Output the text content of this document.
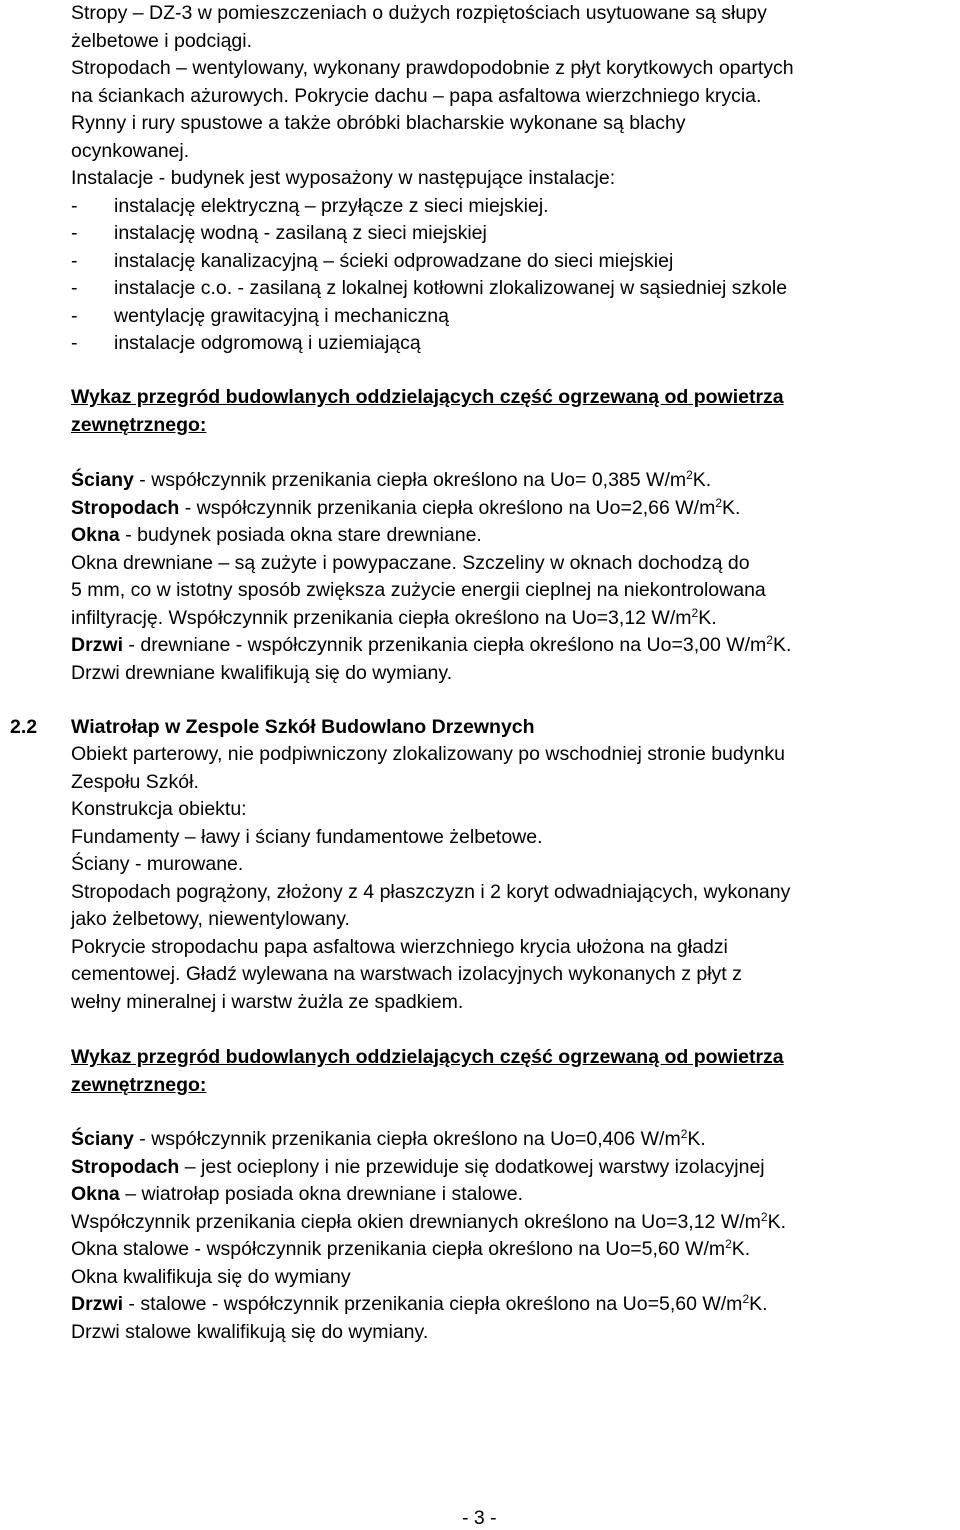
Stropy – DZ-3 w pomieszczeniach o dużych rozpiętościach usytuowane są słupy
żelbetowe i podciągi.
Stropodach – wentylowany, wykonany prawdopodobnie z płyt korytkowych opartych
na ściankach ażurowych. Pokrycie dachu – papa asfaltowa wierzchniego krycia.
Rynny i rury spustowe a także obróbki blacharskie wykonane są blachy
ocynkowanej.
Instalacje - budynek jest wyposażony w następujące instalacje:
- instalację elektryczną – przyłącze z sieci miejskiej.
- instalację wodną - zasilaną z sieci miejskiej
- instalację kanalizacyjną – ścieki odprowadzane do sieci miejskiej
- instalacje c.o. - zasilaną z lokalnej kotłowni zlokalizowanej w sąsiedniej szkole
- wentylację grawitacyjną i mechaniczną
- instalacje odgromową i uziemiającą
Wykaz przegród budowlanych oddzielających część ogrzewaną od powietrza
zewnętrznego:
Ściany - współczynnik przenikania ciepła określono na Uo= 0,385 $W/m^2K$.
Stropodach - współczynnik przenikania ciepła określono na Uo=2,66 $W/m^2K$.
Okna - budynek posiada okna stare drewniane.
Okna drewniane – są zużyte i powypaczane. Szczeliny w oknach dochodzą do
5 mm, co w istotny sposób zwiększa zużycie energii cieplnej na niekontrolowana
infiltyrację. Współczynnik przenikania ciepła określono na Uo=3,12 $W/m^2K$.
Drzwi - drewniane - współczynnik przenikania ciepła określono na Uo=3,00 $W/m^2K$.
Drzwi drewniane kwalifikują się do wymiany.
2.2 Wiatrołap w Zespole Szkół Budowlano Drzewnych
Obiekt parterowy, nie podpiwniczony zlokalizowany po wschodniej stronie budynku
Zespołu Szkół.
Konstrukcja obiektu:
Fundamenty – ławy i ściany fundamentowe żelbetowe.
Ściany - murowane.
Stropodach pogrążony, złożony z 4 płaszczyzn i 2 koryt odwadniających, wykonany
jako żelbetowy, niewentylowany.
Pokrycie stropodachu papa asfaltowa wierzchniego krycia ułożona na gładzi
cementowej. Gładź wylewana na warstwach izolacyjnych wykonanych z płyt z
wełny mineralnej i warstw żużla ze spadkiem.
Wykaz przegród budowlanych oddzielających część ogrzewaną od powietrza
zewnętrznego:
Ściany - współczynnik przenikania ciepła określono na Uo=0,406 $W/m^2K$.
Stropodach – jest ocieplony i nie przewiduje się dodatkowej warstwy izolacyjnej
Okna – wiatrołap posiada okna drewniane i stalowe.
Współczynnik przenikania ciepła okien drewnianych określono na Uo=3,12 $W/m^2K$.
Okna stalowe - współczynnik przenikania ciepła określono na Uo=5,60 $W/m^2K$.
Okna kwalifikuja się do wymiany
Drzwi - stalowe - współczynnik przenikania ciepła określono na Uo=5,60 $W/m^2K$.
Drzwi stalowe kwalifikują się do wymiany.
- 3 -
